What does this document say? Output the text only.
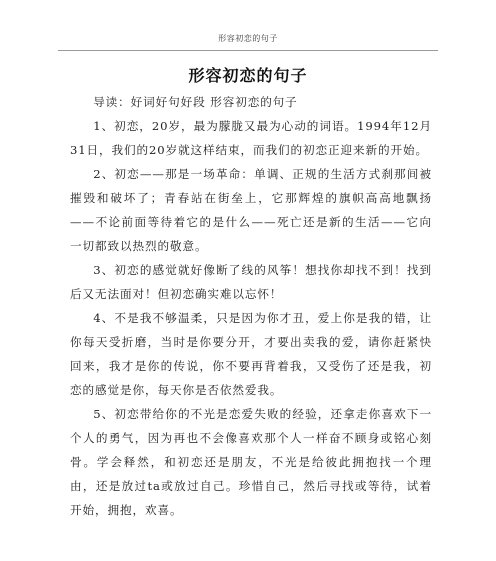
形容初恋的句子
形容初恋的句子

导读：好词好句好段 形容初恋的句子

1、初恋，20岁，最为朦胧又最为心动的词语。1994年12月31日，我们的20岁就这样结束，而我们的初恋正迎来新的开始。

2、初恋——那是一场革命：单调、正规的生活方式刹那间被摧毁和破坏了；青春站在街垒上，它那辉煌的旗帜高高地飘扬——不论前面等待着它的是什么——死亡还是新的生活——它向一切都致以热烈的敬意。

3、初恋的感觉就好像断了线的风筝！想找你却找不到！找到后又无法面对！但初恋确实难以忘怀！

4、不是我不够温柔，只是因为你才丑，爱上你是我的错，让你每天受折磨，当时是你要分开，才要出卖我的爱，请你赶紧快回来，我才是你的传说，你不要再背着我，又受伤了还是我，初恋的感觉是你，每天你是否依然爱我。

5、初恋带给你的不光是恋爱失败的经验，还拿走你喜欢下一个人的勇气，因为再也不会像喜欢那个人一样奋不顾身或铭心刻骨。学会释然，和初恋还是朋友，不光是给彼此拥抱找一个理由，还是放过ta或放过自己。珍惜自己，然后寻找或等待，试着开始，拥抱，欢喜。
